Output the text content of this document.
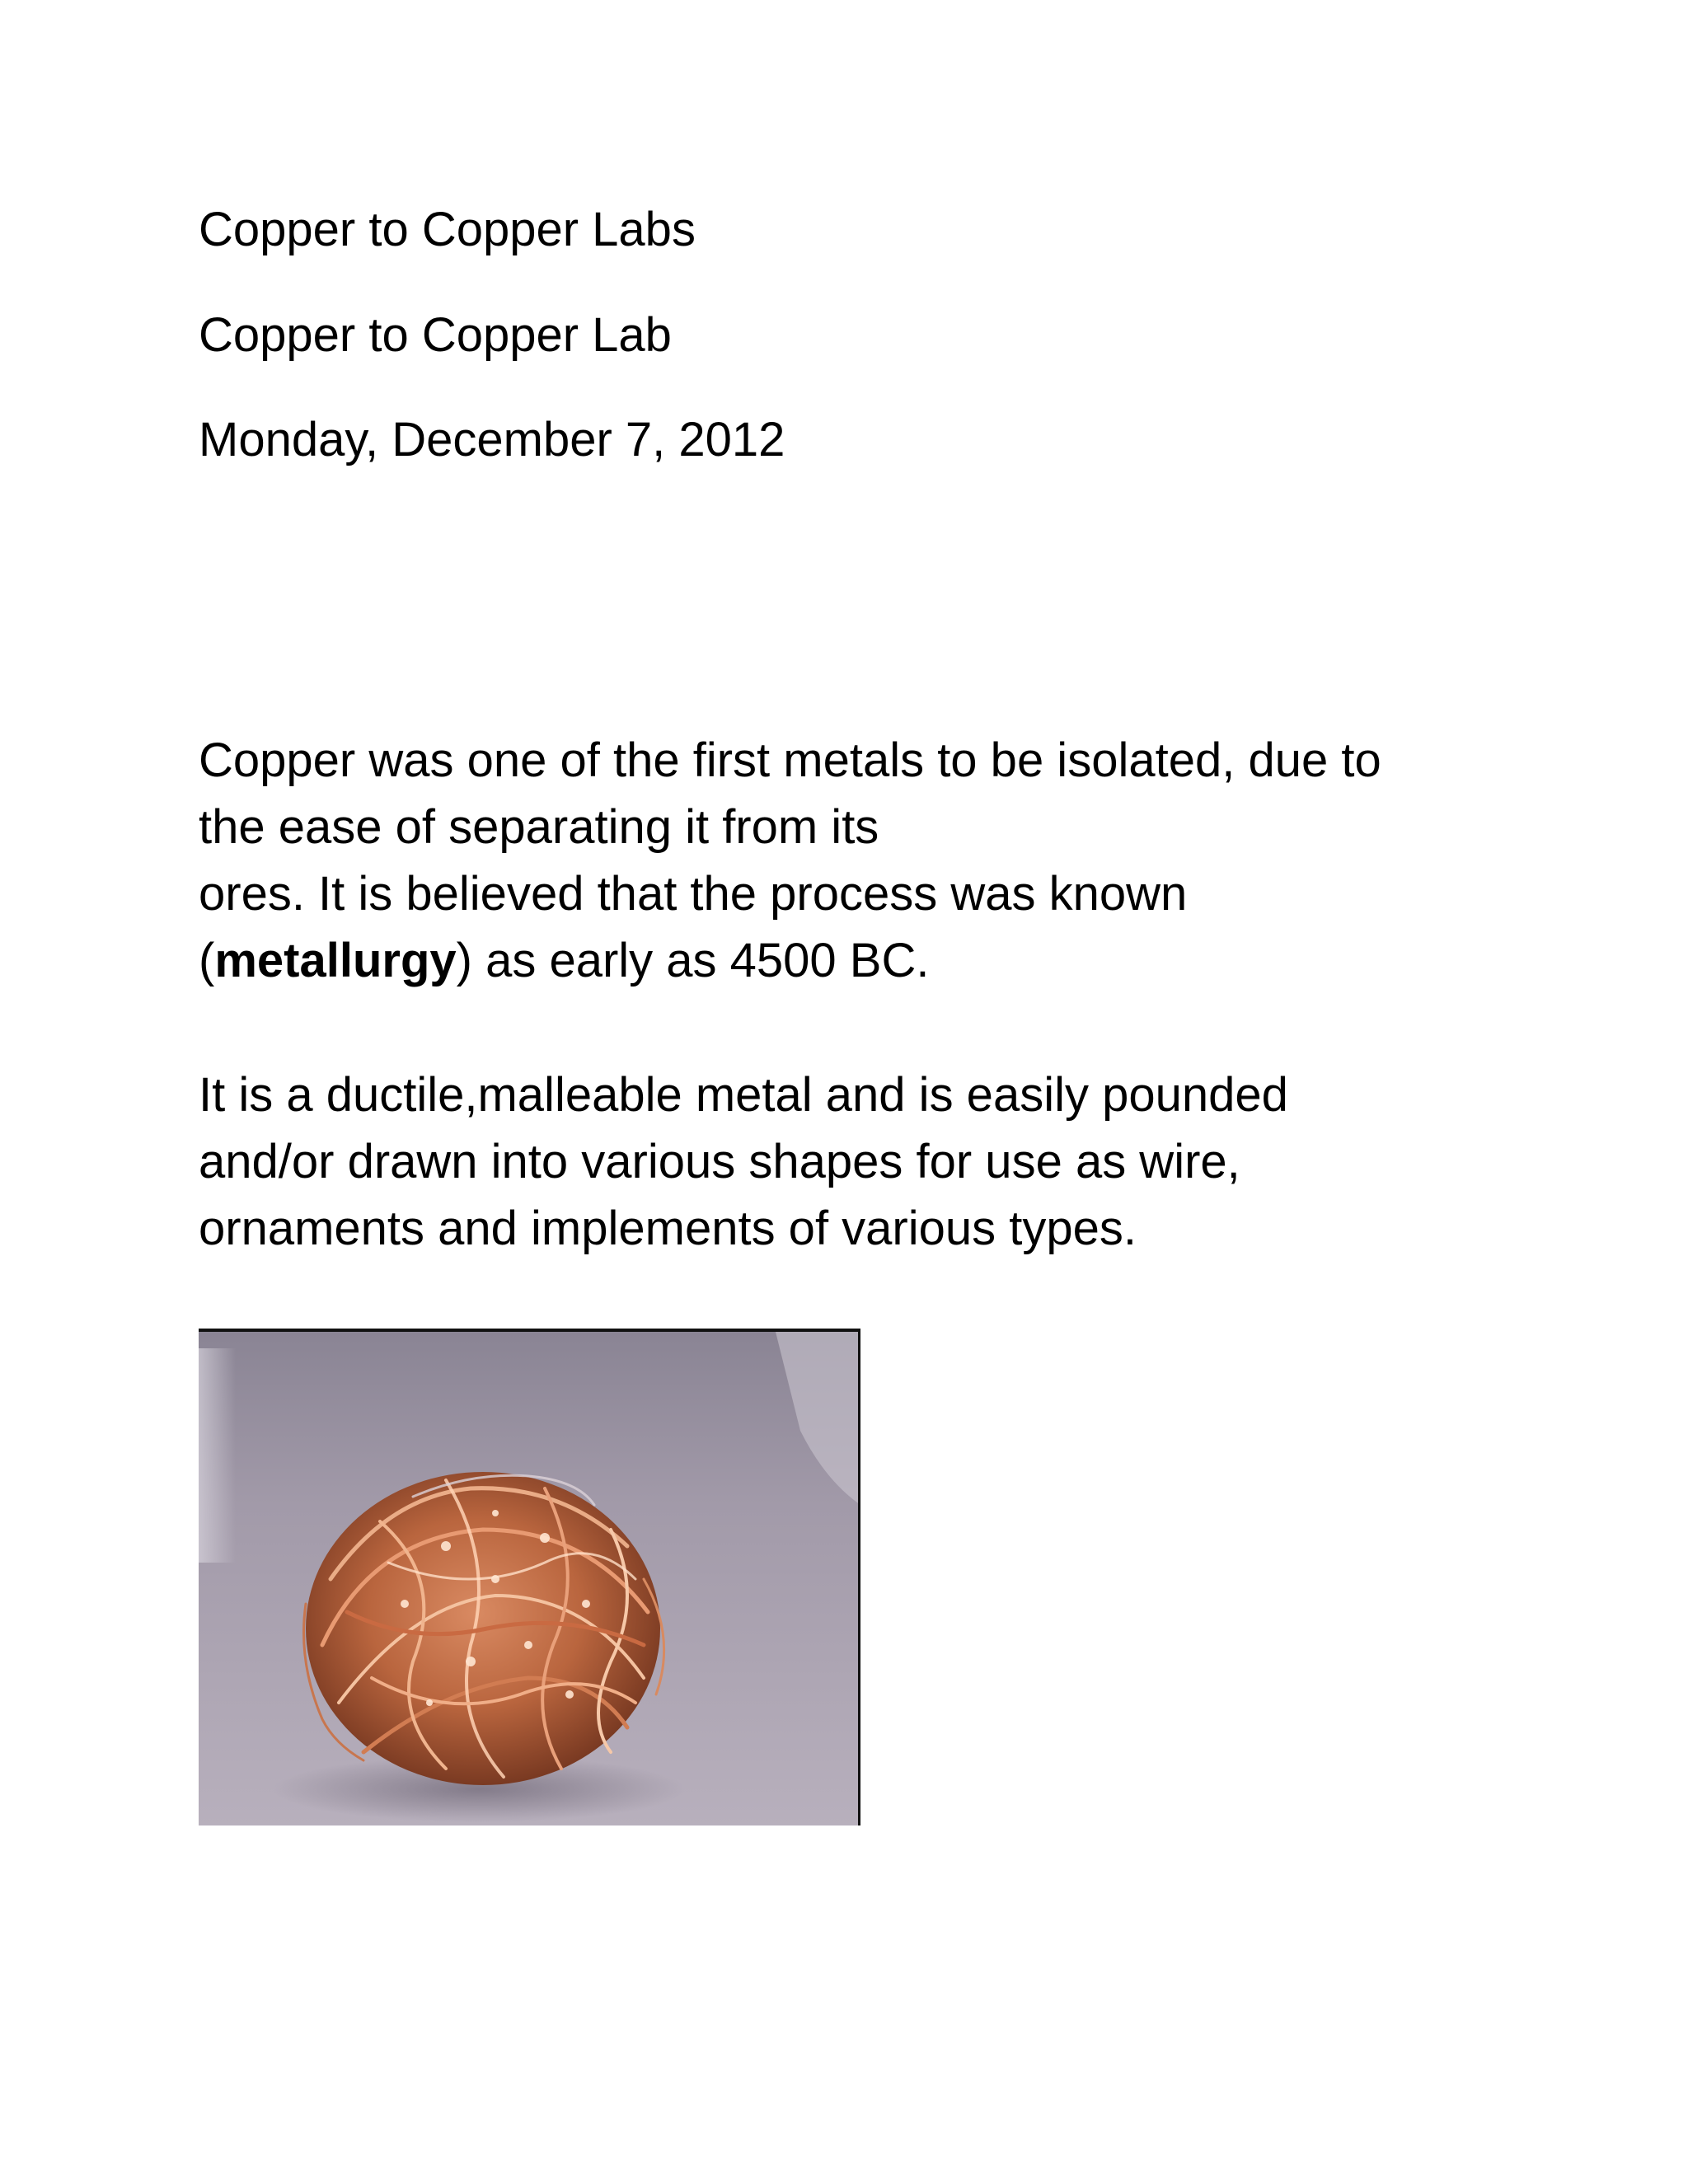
Copper to Copper Labs
Copper to Copper Lab
Monday, December 7, 2012

Copper was one of the first metals to be isolated, due to

the ease of separating it from its

ores. It is believed that the process was known

(metallurgy) as early as 4500 BC.

It is a ductile,malleable metal and is easily pounded

and/or drawn into various shapes for use as wire,

ornaments and implements of various types.
